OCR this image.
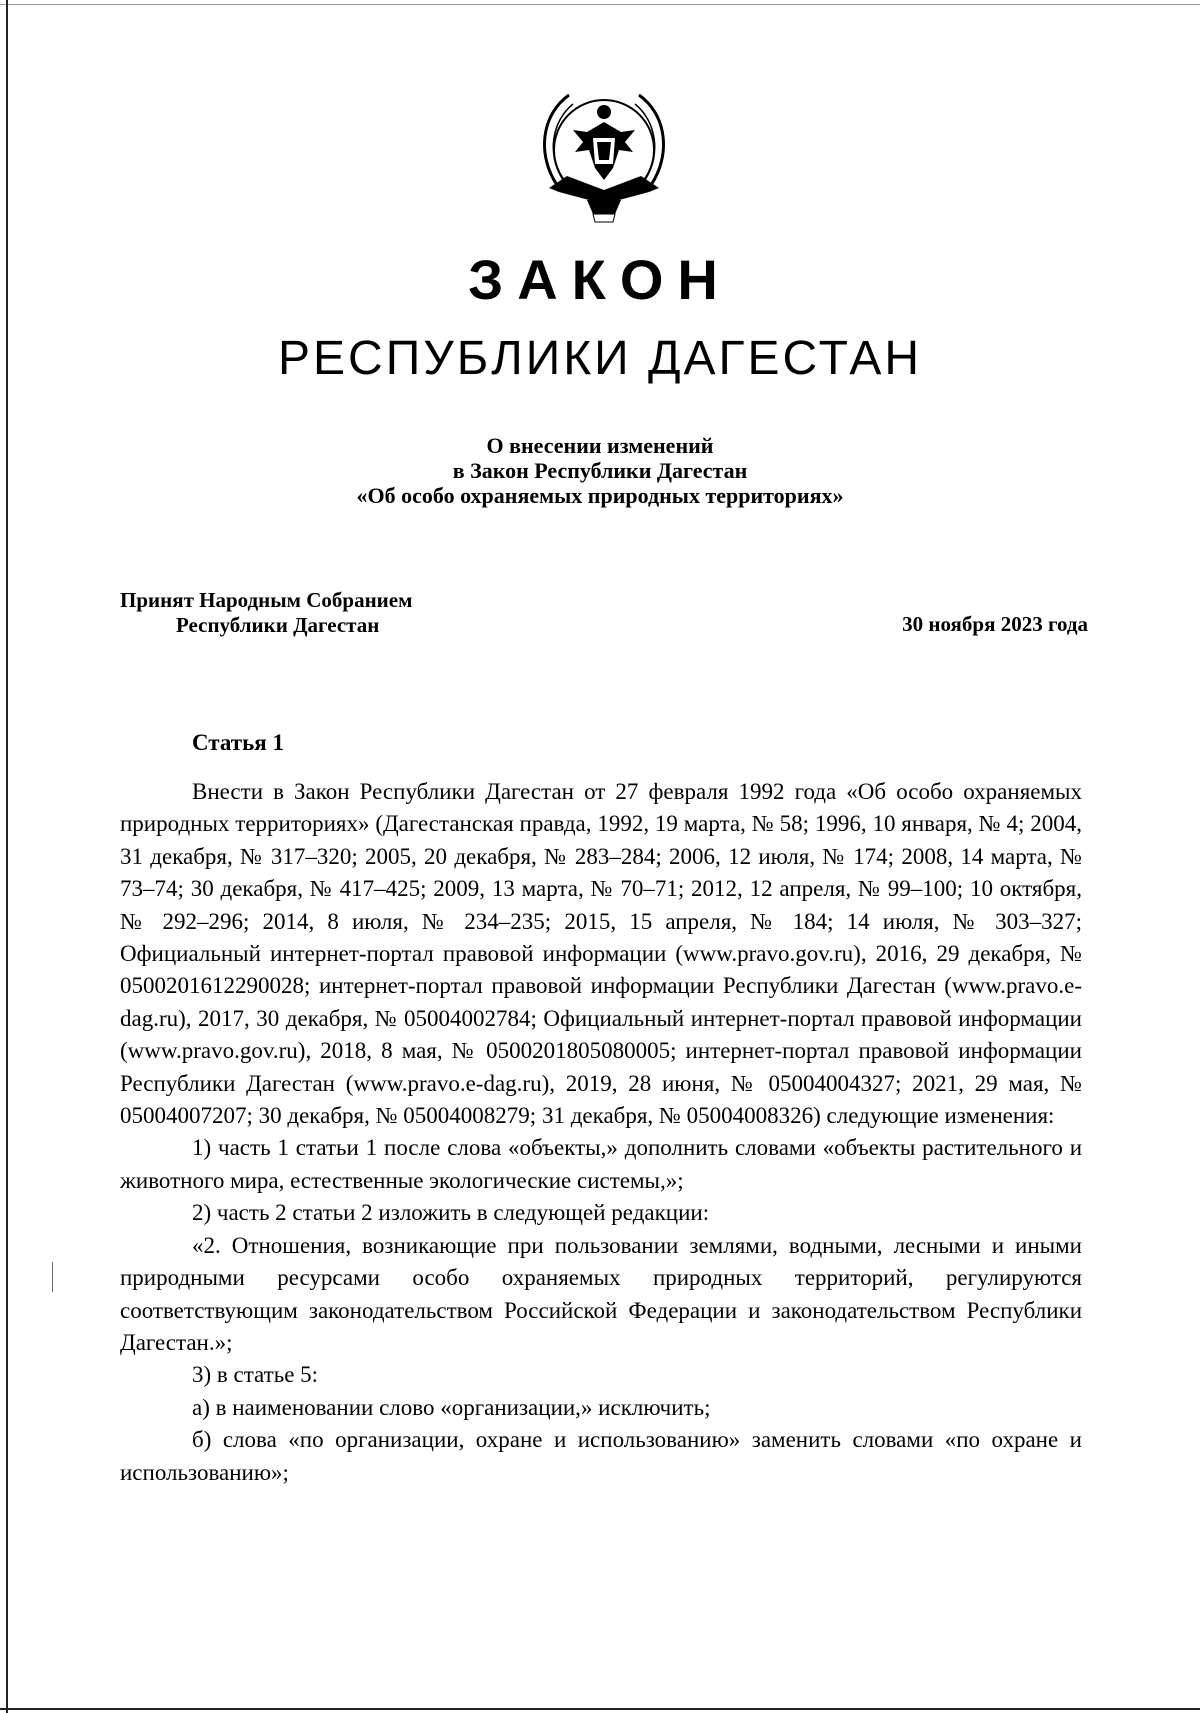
ЗАКОН
РЕСПУБЛИКИ ДАГЕСТАН
О внесении изменений
в Закон Республики Дагестан
«Об особо охраняемых природных территориях»
Принят Народным Собранием
Республики Дагестан	30 ноября 2023 года
Статья 1

Внести в Закон Республики Дагестан от 27 февраля 1992 года «Об особо охраняемых природных территориях» (Дагестанская правда, 1992, 19 марта, № 58; 1996, 10 января, № 4; 2004, 31 декабря, № 317–320; 2005, 20 декабря, № 283–284; 2006, 12 июля, № 174; 2008, 14 марта, № 73–74; 30 декабря, № 417–425; 2009, 13 марта, № 70–71; 2012, 12 апреля, № 99–100; 10 октября, № 292–296; 2014, 8 июля, № 234–235; 2015, 15 апреля, № 184; 14 июля, № 303–327; Официальный интернет-портал правовой информации (www.pravo.gov.ru), 2016, 29 декабря, № 0500201612290028; интернет-портал правовой информации Республики Дагестан (www.pravo.e-dag.ru), 2017, 30 декабря, № 05004002784; Официальный интернет-портал правовой информации (www.pravo.gov.ru), 2018, 8 мая, № 0500201805080005; интернет-портал правовой информации Республики Дагестан (www.pravo.e-dag.ru), 2019, 28 июня, № 05004004327; 2021, 29 мая, № 05004007207; 30 декабря, № 05004008279; 31 декабря, № 05004008326) следующие изменения:

1) часть 1 статьи 1 после слова «объекты,» дополнить словами «объекты растительного и животного мира, естественные экологические системы,»;

2) часть 2 статьи 2 изложить в следующей редакции:

«2. Отношения, возникающие при пользовании землями, водными, лесными и иными природными ресурсами особо охраняемых природных территорий, регулируются соответствующим законодательством Российской Федерации и законодательством Республики Дагестан.»;

3) в статье 5:

а) в наименовании слово «организации,» исключить;

б) слова «по организации, охране и использованию» заменить словами «по охране и использованию»;
